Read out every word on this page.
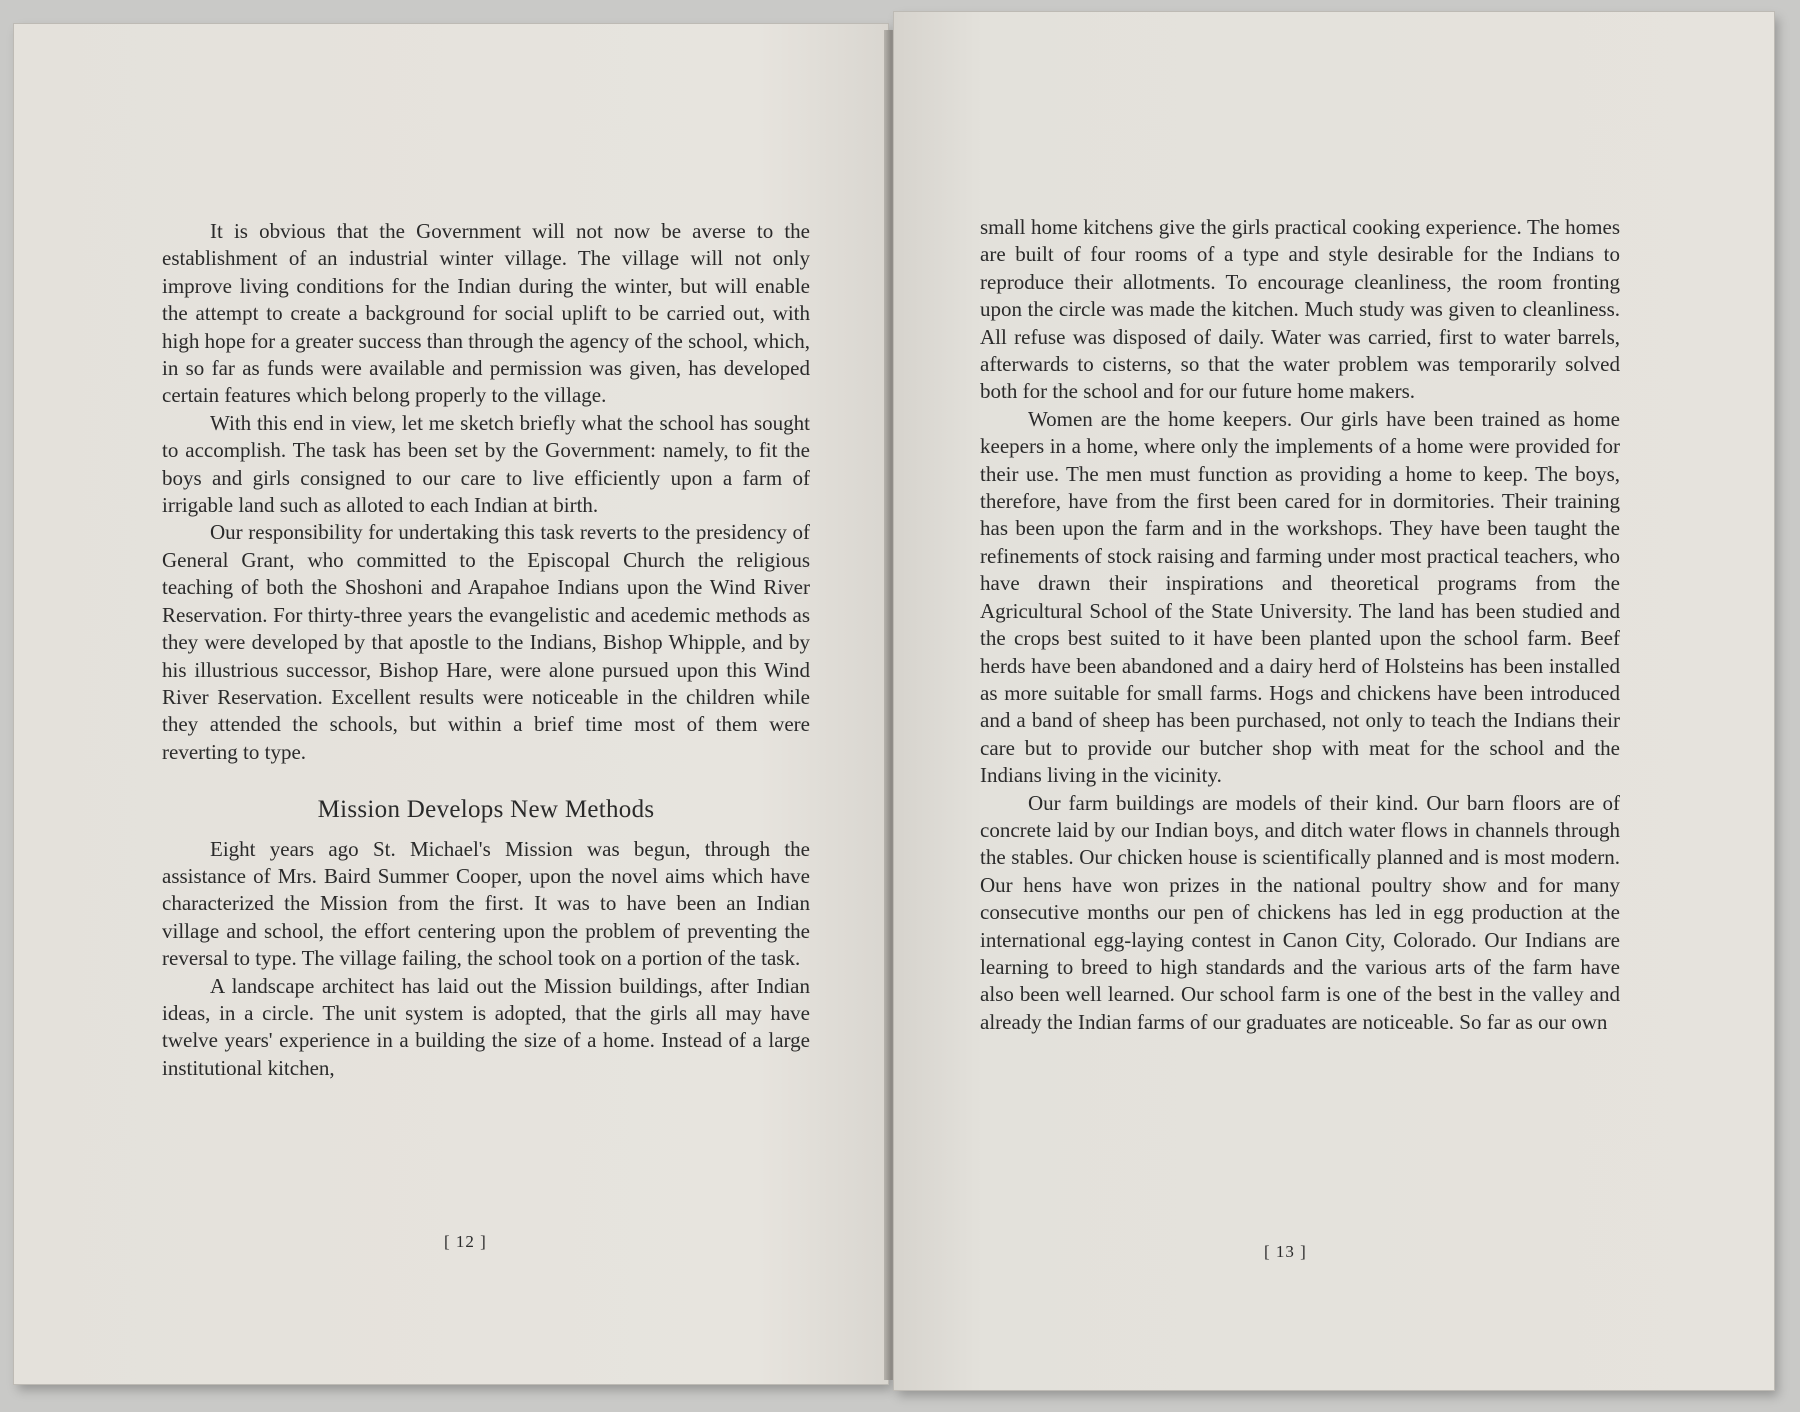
It is obvious that the Government will not now be averse to the establishment of an industrial winter village. The village will not only improve living conditions for the Indian during the winter, but will enable the attempt to create a background for social uplift to be carried out, with high hope for a greater success than through the agency of the school, which, in so far as funds were available and permission was given, has developed certain features which belong properly to the village.

With this end in view, let me sketch briefly what the school has sought to accomplish. The task has been set by the Government: namely, to fit the boys and girls consigned to our care to live efficiently upon a farm of irrigable land such as alloted to each Indian at birth.

Our responsibility for undertaking this task reverts to the presidency of General Grant, who committed to the Episcopal Church the religious teaching of both the Shoshoni and Arapahoe Indians upon the Wind River Reservation. For thirty-three years the evangelistic and acedemic methods as they were developed by that apostle to the Indians, Bishop Whipple, and by his illustrious successor, Bishop Hare, were alone pursued upon this Wind River Reservation. Excellent results were noticeable in the children while they attended the schools, but within a brief time most of them were reverting to type.

Mission Develops New Methods

Eight years ago St. Michael's Mission was begun, through the assistance of Mrs. Baird Summer Cooper, upon the novel aims which have characterized the Mission from the first. It was to have been an Indian village and school, the effort centering upon the problem of preventing the reversal to type. The village failing, the school took on a portion of the task.

A landscape architect has laid out the Mission buildings, after Indian ideas, in a circle. The unit system is adopted, that the girls all may have twelve years' experience in a building the size of a home. Instead of a large institutional kitchen,

[ 12 ]

small home kitchens give the girls practical cooking experience. The homes are built of four rooms of a type and style desirable for the Indians to reproduce their allotments. To encourage cleanliness, the room fronting upon the circle was made the kitchen. Much study was given to cleanliness. All refuse was disposed of daily. Water was carried, first to water barrels, afterwards to cisterns, so that the water problem was temporarily solved both for the school and for our future home makers.

Women are the home keepers. Our girls have been trained as home keepers in a home, where only the implements of a home were provided for their use. The men must function as providing a home to keep. The boys, therefore, have from the first been cared for in dormitories. Their training has been upon the farm and in the workshops. They have been taught the refinements of stock raising and farming under most practical teachers, who have drawn their inspirations and theoretical programs from the Agricultural School of the State University. The land has been studied and the crops best suited to it have been planted upon the school farm. Beef herds have been abandoned and a dairy herd of Holsteins has been installed as more suitable for small farms. Hogs and chickens have been introduced and a band of sheep has been purchased, not only to teach the Indians their care but to provide our butcher shop with meat for the school and the Indians living in the vicinity.

Our farm buildings are models of their kind. Our barn floors are of concrete laid by our Indian boys, and ditch water flows in channels through the stables. Our chicken house is scientifically planned and is most modern. Our hens have won prizes in the national poultry show and for many consecutive months our pen of chickens has led in egg production at the international egg-laying contest in Canon City, Colorado. Our Indians are learning to breed to high standards and the various arts of the farm have also been well learned. Our school farm is one of the best in the valley and already the Indian farms of our graduates are noticeable. So far as our own

[ 13 ]
